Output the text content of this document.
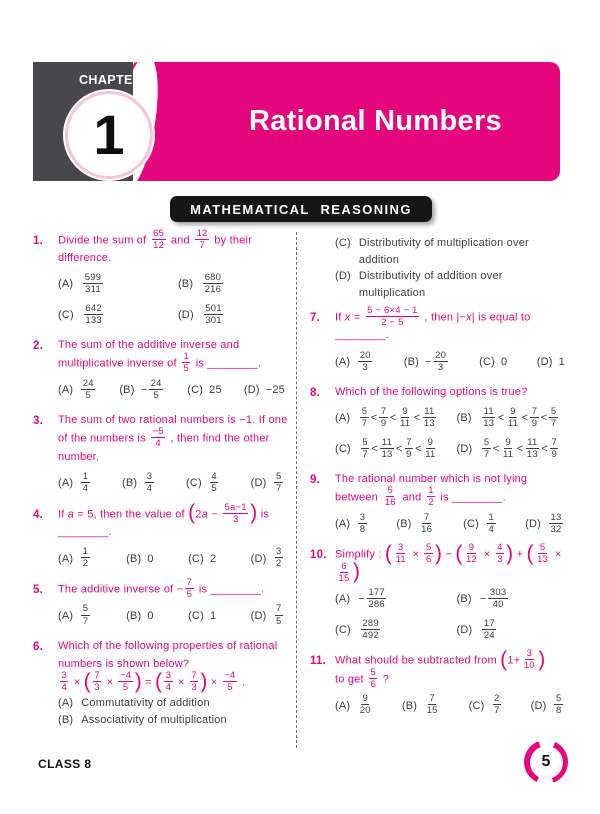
Rational Numbers
CHAPTER
1
MATHEMATICAL REASONING
1.	Divide the sum of $\frac{65}{12}$ and $\frac{12}{7}$ by their difference.
$(A) \frac{599}{311}$	$(B) \frac{680}{216}$
$(C) \frac{642}{133}$	$(D) \frac{501}{301}$
2.	The sum of the additive inverse and multiplicative inverse of $\frac{1}{5}$ is ________.
$(A) \frac{24}{5} (B) - \frac{24}{5} (C)$ 25 (D) −25
3.	The sum of two rational numbers is −1. If one of the numbers is $\frac{-5}{4}$ , then find the other number.
$(A) \frac{1}{4}$	$(B) \frac{3}{4}$	$(C) \frac{4}{5}$	$(D) \frac{5}{7}$
4.	If a = 5, then the value of ($2a - \frac{5a-1}{3}$ ) is ________.
$(A) \frac{1}{2}$	(B) 0	(C) 2	$(D) \frac{3}{2}$
5.	The additive inverse of − $\frac{7}{5}$ is ________.
$(A) \frac{5}{7}$	(B) 0	(C) 1	$(D) \frac{7}{5}$
6.	Which of the following properties of rational numbers is shown below?

$\frac{3}{4}$ × ( $\frac{7}{3} \times \frac{-4}{5}$ ) = ( $\frac{3}{4} \times \frac{7}{3}$ ) × $\frac{-4}{5}$ .
(A) Commutativity of addition
(B) Associativity of multiplication
(C) Distributivity of multiplication over addition
(D) Distributivity of addition over multiplication
7.	If $x = \frac{5 - 6\times 4 - 1}{2 - 5}$ , then |−x| is equal to
________.
$(A) \frac{20}{3}$	$(B) - \frac{20}{3}$	(C) 0	(D) 1
8.	Which of the following options is true?
$(A) \frac{5}{7} < \frac{7}{9} < \frac{9}{11} < \frac{11}{13} (B) \frac{11}{13} < \frac{9}{11} < \frac{7}{9} < \frac{5}{7}$
$(C) \frac{5}{7} < \frac{11}{13} < \frac{7}{9} < \frac{9}{11} (D) \frac{5}{7} < \frac{9}{11} < \frac{11}{13} < \frac{7}{9}$
9.	The rational number which is not lying between $\frac{5}{16}$ and $\frac{1}{2}$ is ________.
$(A) \frac{3}{8}$	$(B) \frac{7}{16}$	$(C) \frac{1}{4}$	$(D) \frac{13}{32}$
10. Simplify : ( $\frac{3}{11} \times \frac{5}{6}$ ) − ( $\frac{9}{12} \times \frac{4}{3}$ ) + ( $\frac{5}{13}$ ×
$\frac{6}{15}$ )
$(A) - \frac{177}{286}$	$(B) - \frac{303}{40}$
$(C) \frac{289}{492}$	$(D) \frac{17}{24}$
11. What should be subtracted from ($1+ \frac{3}{10}$ )
to get $\frac{5}{6}$ ?
$(A) \frac{9}{20}$	$(B) \frac{7}{15}$	$(C) \frac{2}{7}$	$(D) \frac{5}{8}$
CLASS 8	5
